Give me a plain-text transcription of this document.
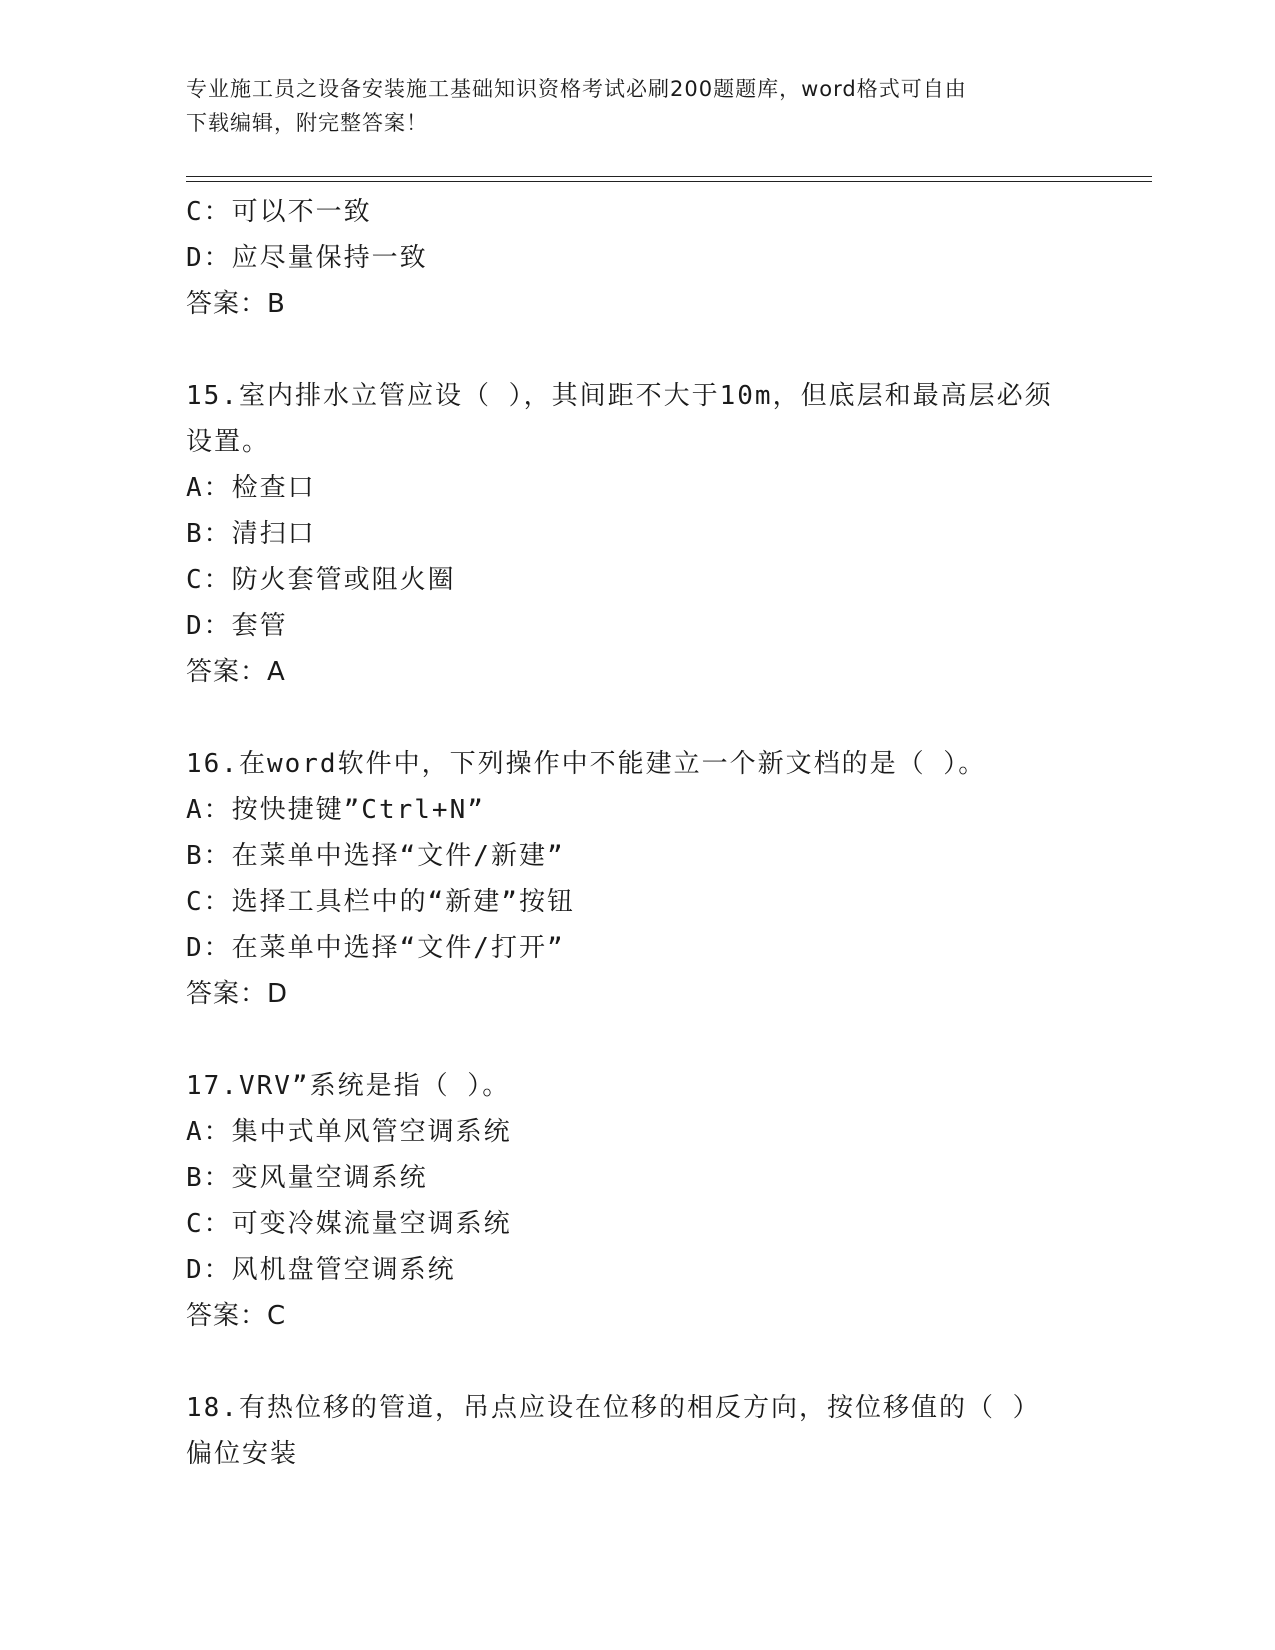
专业施工员之设备安装施工基础知识资格考试必刷200题题库，word格式可自由
下载编辑，附完整答案！
C：可以不一致
D：应尽量保持一致
答案：B
15.室内排水立管应设（ ），其间距不大于10m，但底层和最高层必须
设置。
A：检查口
B：清扫口
C：防火套管或阻火圈
D：套管
答案：A
16.在word软件中，下列操作中不能建立一个新文档的是（ ）。
A：按快捷键”Ctrl+N”
B：在菜单中选择“文件/新建”
C：选择工具栏中的“新建”按钮
D：在菜单中选择“文件/打开”
答案：D
17.VRV”系统是指（ ）。
A：集中式单风管空调系统
B：变风量空调系统
C：可变冷媒流量空调系统
D：风机盘管空调系统
答案：C
18.有热位移的管道，吊点应设在位移的相反方向，按位移值的（ ）
偏位安装
